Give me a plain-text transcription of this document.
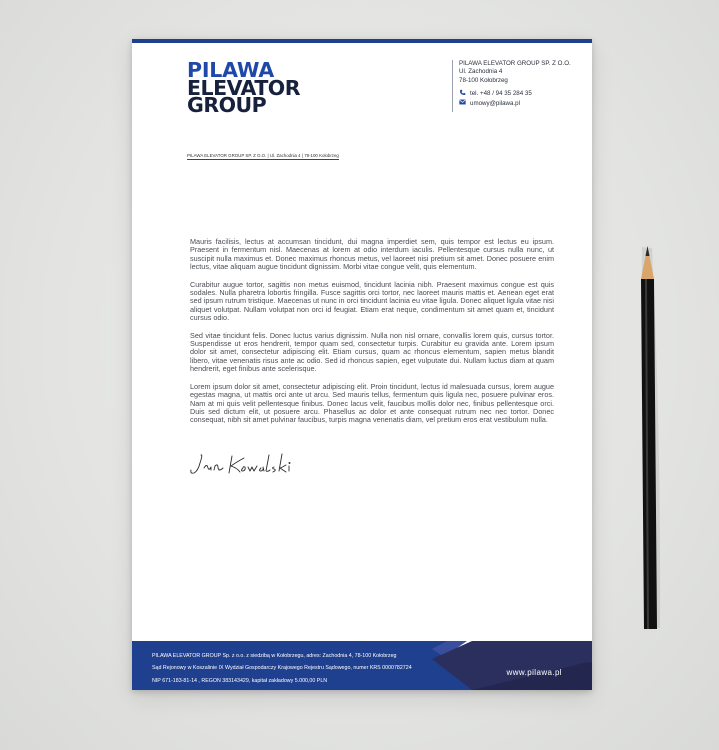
PILAWA
ELEVATOR
GROUP
PILAWA ELEVATOR GROUP SP. Z O.O.
Ul. Zachodnia 4
78-100 Kołobrzeg
tel. +48 / 94 35 284 35
umowy@pilawa.pl
PILAWA ELEVATOR GROUP SP. Z O.O. | Ul. Zachodnia 4 | 78-100 Kołobrzeg

Mauris facilisis, lectus at accumsan tincidunt, dui magna imperdiet sem, quis tempor est lectus eu ipsum. Praesent in fermentum nisl. Maecenas at lorem at odio interdum iaculis. Pellentesque cursus nulla nunc, ut suscipit nulla maximus et. Donec maximus rhoncus metus, vel laoreet nisi pretium sit amet. Donec posuere enim lectus, vitae aliquam augue tincidunt dignissim. Morbi vitae congue velit, quis elementum.

Curabitur augue tortor, sagittis non metus euismod, tincidunt lacinia nibh. Praesent maximus congue est quis sodales. Nulla pharetra lobortis fringilla. Fusce sagittis orci tortor, nec laoreet mauris mattis et. Aenean eget erat sed ipsum rutrum tristique. Maecenas ut nunc in orci tincidunt lacinia eu vitae ligula. Donec aliquet ligula vitae nisi aliquet volutpat. Nullam volutpat non orci id feugiat. Etiam erat neque, condimentum sit amet quam et, tincidunt cursus odio.

Sed vitae tincidunt felis. Donec luctus varius dignissim. Nulla non nisl ornare, convallis lorem quis, cursus tortor. Suspendisse ut eros hendrerit, tempor quam sed, consectetur turpis. Curabitur eu gravida ante. Lorem ipsum dolor sit amet, consectetur adipiscing elit. Etiam cursus, quam ac rhoncus elementum, sapien metus blandit libero, vitae venenatis risus ante ac odio. Sed id rhoncus sapien, eget vulputate dui. Nullam luctus diam at quam hendrerit, eget finibus ante scelerisque.

Lorem ipsum dolor sit amet, consectetur adipiscing elit. Proin tincidunt, lectus id malesuada cursus, lorem augue egestas magna, ut mattis orci ante ut arcu. Sed mauris tellus, fermentum quis ligula nec, posuere pulvinar eros. Nam at mi quis velit pellentesque finibus. Donec lacus velit, faucibus mollis dolor nec, finibus pellentesque orci. Duis sed dictum elit, ut posuere arcu. Phasellus ac dolor et ante consequat rutrum nec nec tortor. Donec consequat, nibh sit amet pulvinar faucibus, turpis magna venenatis diam, vel pretium eros erat vestibulum nulla.

PILAWA ELEVATOR GROUP Sp. z o.o. z siedzibą w Kołobrzegu, adres: Zachodnia 4, 78-100 Kołobrzeg
Sąd Rejonowy w Koszalinie IX Wydział Gospodarczy Krajowego Rejestru Sądowego, numer KRS 0000782724
NIP 671-183-81-14 , REGON 383143429, kapitał zakładowy 5.000,00 PLN
www.pilawa.pl
